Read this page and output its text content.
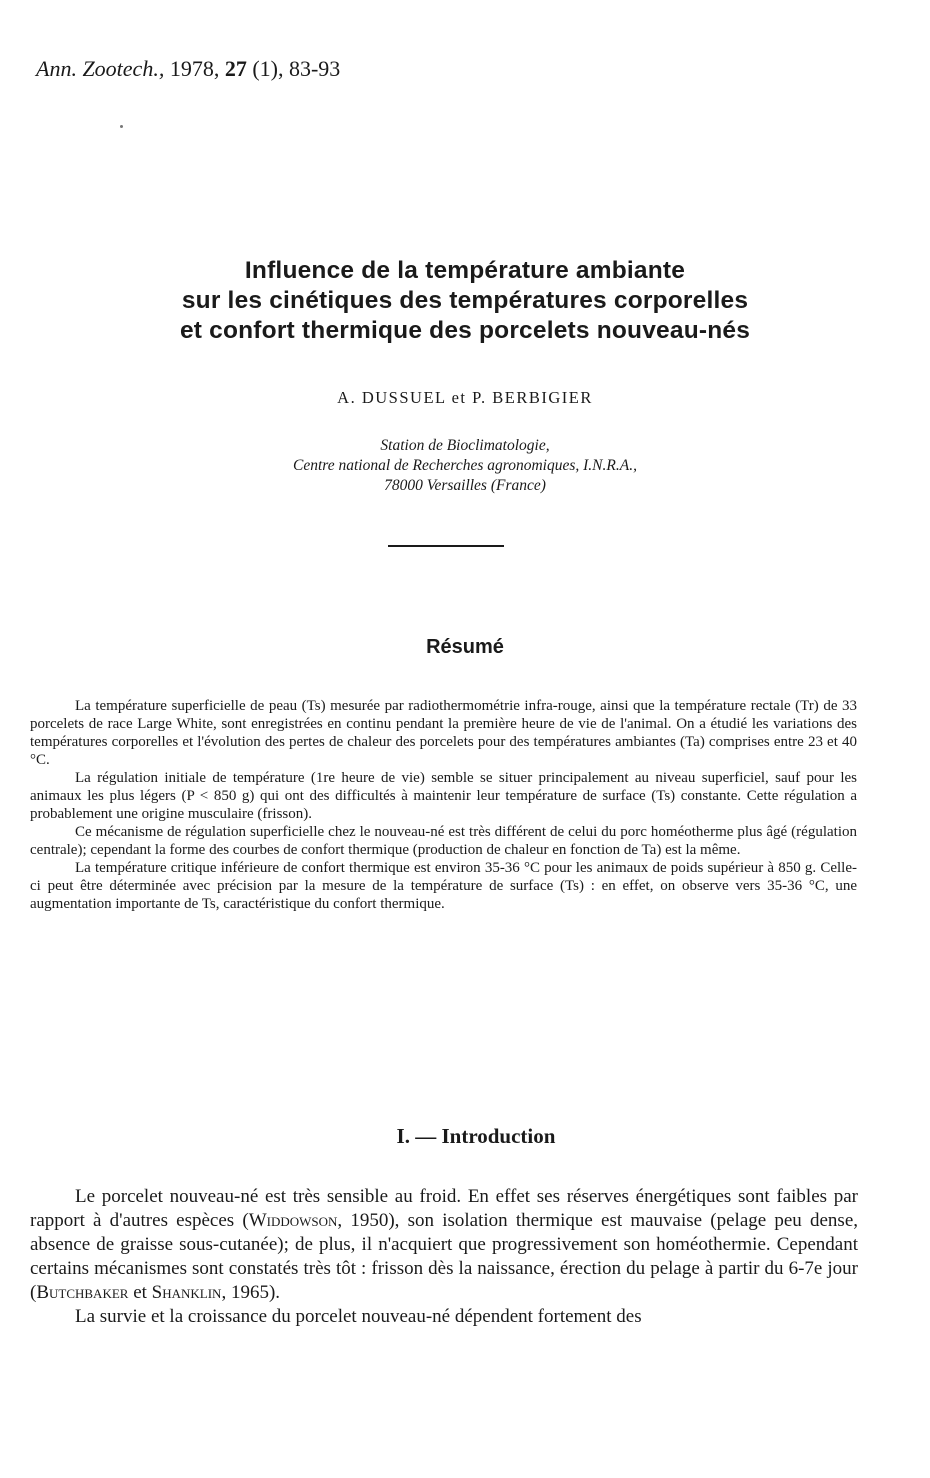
Ann. Zootech., 1978, 27 (1), 83-93
Influence de la température ambiante
sur les cinétiques des températures corporelles
et confort thermique des porcelets nouveau-nés
A. DUSSUEL et P. BERBIGIER
Station de Bioclimatologie,
Centre national de Recherches agronomiques, I.N.R.A.,
78000 Versailles (France)
Résumé

La température superficielle de peau (Ts) mesurée par radiothermométrie infra-rouge, ainsi que la température rectale (Tr) de 33 porcelets de race Large White, sont enregistrées en continu pendant la première heure de vie de l'animal. On a étudié les variations des températures corporelles et l'évolution des pertes de chaleur des porcelets pour des températures ambiantes (Ta) comprises entre 23 et 40 °C.

La régulation initiale de température (1re heure de vie) semble se situer principalement au niveau superficiel, sauf pour les animaux les plus légers (P < 850 g) qui ont des difficultés à maintenir leur température de surface (Ts) constante. Cette régulation a probablement une origine musculaire (frisson).

Ce mécanisme de régulation superficielle chez le nouveau-né est très différent de celui du porc homéotherme plus âgé (régulation centrale); cependant la forme des courbes de confort thermique (production de chaleur en fonction de Ta) est la même.

La température critique inférieure de confort thermique est environ 35-36 °C pour les animaux de poids supérieur à 850 g. Celle-ci peut être déterminée avec précision par la mesure de la température de surface (Ts) : en effet, on observe vers 35-36 °C, une augmentation importante de Ts, caractéristique du confort thermique.

I. — Introduction

Le porcelet nouveau-né est très sensible au froid. En effet ses réserves énergétiques sont faibles par rapport à d'autres espèces (Widdowson, 1950), son isolation thermique est mauvaise (pelage peu dense, absence de graisse sous-cutanée); de plus, il n'acquiert que progressivement son homéothermie. Cependant certains mécanismes sont constatés très tôt : frisson dès la naissance, érection du pelage à partir du 6-7e jour (Butchbaker et Shanklin, 1965).

La survie et la croissance du porcelet nouveau-né dépendent fortement des
